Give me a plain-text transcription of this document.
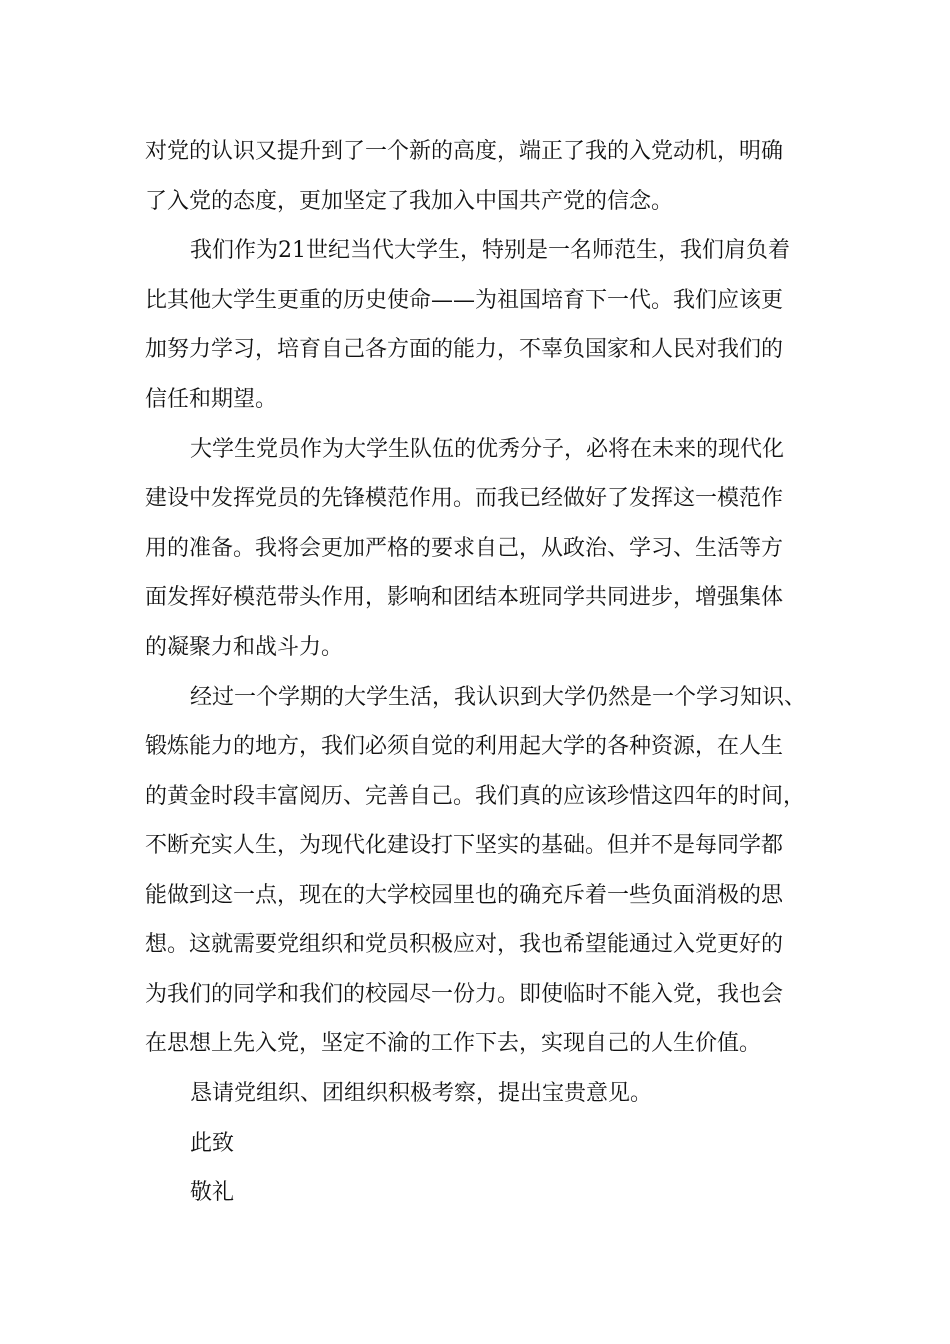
对党的认识又提升到了一个新的高度，端正了我的入党动机，明确
了入党的态度，更加坚定了我加入中国共产党的信念。
我们作为21世纪当代大学生，特别是一名师范生，我们肩负着
比其他大学生更重的历史使命——为祖国培育下一代。我们应该更
加努力学习，培育自己各方面的能力，不辜负国家和人民对我们的
信任和期望。
大学生党员作为大学生队伍的优秀分子，必将在未来的现代化
建设中发挥党员的先锋模范作用。而我已经做好了发挥这一模范作
用的准备。我将会更加严格的要求自己，从政治、学习、生活等方
面发挥好模范带头作用，影响和团结本班同学共同进步，增强集体
的凝聚力和战斗力。
经过一个学期的大学生活，我认识到大学仍然是一个学习知识、
锻炼能力的地方，我们必须自觉的利用起大学的各种资源，在人生
的黄金时段丰富阅历、完善自己。我们真的应该珍惜这四年的时间，
不断充实人生，为现代化建设打下坚实的基础。但并不是每同学都
能做到这一点，现在的大学校园里也的确充斥着一些负面消极的思
想。这就需要党组织和党员积极应对，我也希望能通过入党更好的
为我们的同学和我们的校园尽一份力。即使临时不能入党，我也会
在思想上先入党，坚定不渝的工作下去，实现自己的人生价值。
恳请党组织、团组织积极考察，提出宝贵意见。
此致
敬礼
